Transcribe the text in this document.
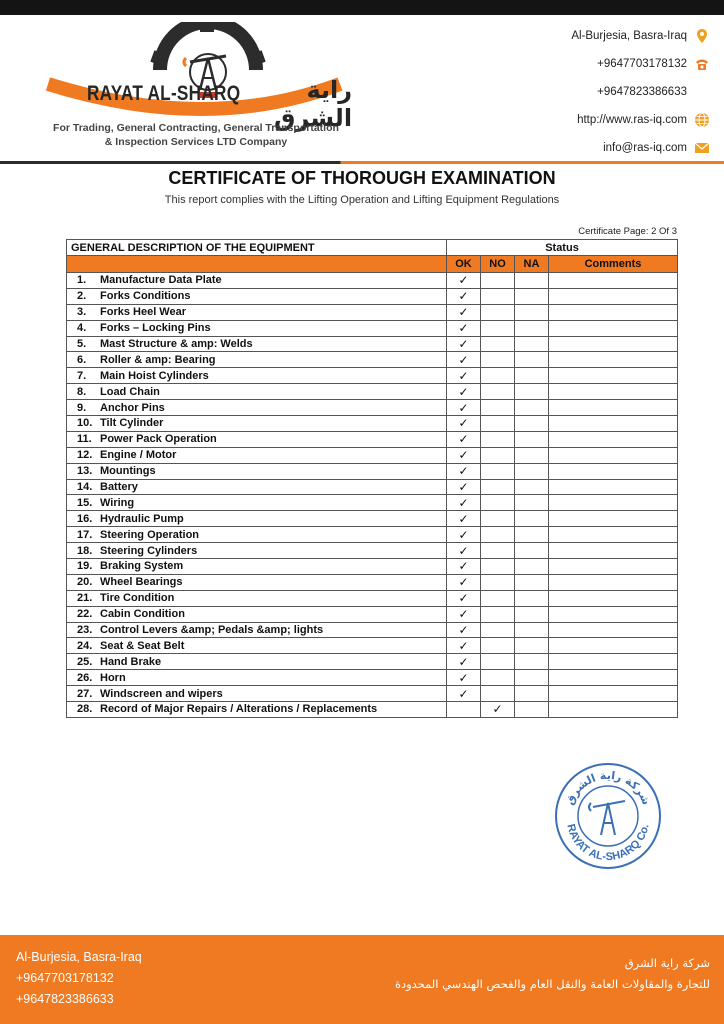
RAYAT AL-SHARQ	راية الشرق
For Trading, General Contracting, General Transportation
& Inspection Services LTD Company
Al-Burjesia, Basra-Iraq
+9647703178132
+9647823386633
http://www.ras-iq.com
info@ras-iq.com
CERTIFICATE OF THOROUGH EXAMINATION
This report complies with the Lifting Operation and Lifting Equipment Regulations
Certificate Page: 2 Of 3
GENERAL DESCRIPTION OF THE EQUIPMENT	Status			
	OK	NO	NA	Comments
1. Manufacture Data Plate	✓			
2. Forks Conditions	✓			
3. Forks Heel Wear	✓			
4. Forks – Locking Pins	✓			
5. Mast Structure & amp: Welds	✓			
6. Roller & amp: Bearing	✓			
7. Main Hoist Cylinders	✓			
8. Load Chain	✓			
9. Anchor Pins	✓			
10. Tilt Cylinder	✓			
11. Power Pack Operation	✓			
12. Engine / Motor	✓			
13. Mountings	✓			
14. Battery	✓			
15. Wiring	✓			
16. Hydraulic Pump	✓			
17. Steering Operation	✓			
18. Steering Cylinders	✓			
19. Braking System	✓			
20. Wheel Bearings	✓			
21. Tire Condition	✓			
22. Cabin Condition	✓			
23. Control Levers &amp; Pedals &amp; lights	✓			
24. Seat & Seat Belt	✓			
25. Hand Brake	✓			
26. Horn	✓			
27. Windscreen and wipers	✓			
28. Record of Major Repairs / Alterations / Replacements		✓		
شركة راية الشرق
RAYAT AL-SHARQ Co.
Al-Burjesia, Basra-Iraq
+9647703178132
+9647823386633
شركة راية الشرق
للتجارة والمقاولات العامة والنقل العام والفحص الهندسي المحدودة
